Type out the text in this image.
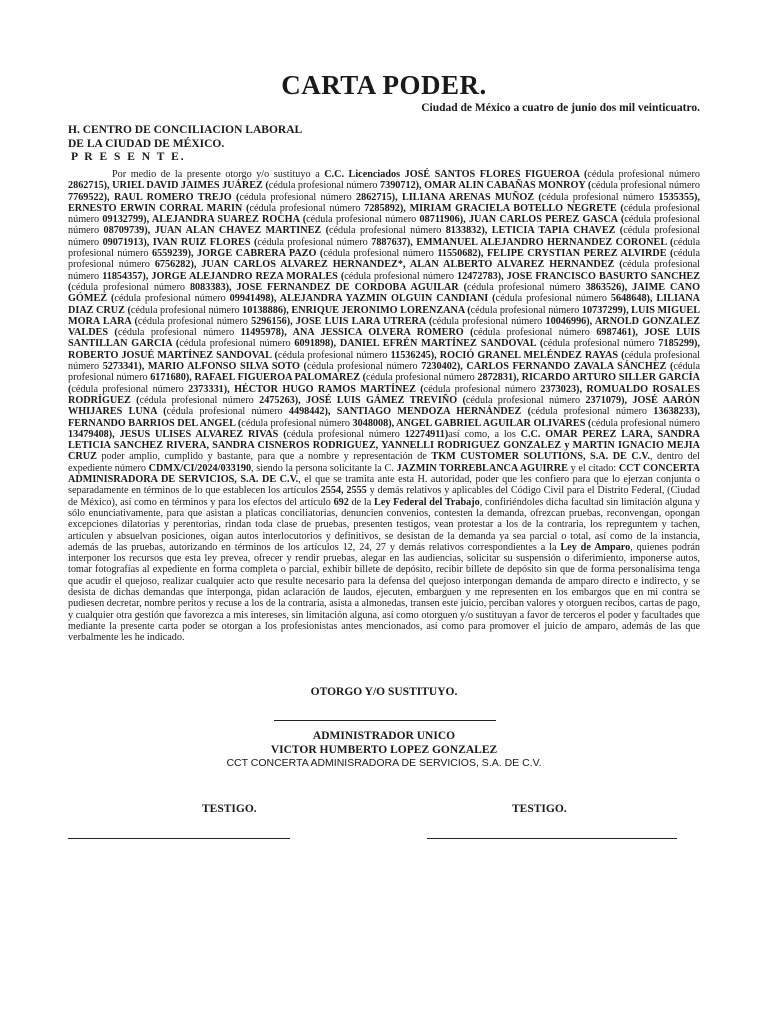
CARTA PODER.
Ciudad de México a cuatro de junio dos mil veinticuatro.
H. CENTRO DE CONCILIACION LABORAL
DE LA CIUDAD DE MÉXICO.
P R E S E N T E.
Por medio de la presente otorgo y/o sustituyo a C.C. Licenciados JOSÉ SANTOS FLORES FIGUEROA (cédula profesional número 2862715), URIEL DAVID JAIMES JUÁREZ (cédula profesional número 7390712), OMAR ALIN CABAÑAS MONROY (cédula profesional número 7769522), RAUL ROMERO TREJO (cédula profesional número 2862715), LILIANA ARENAS MUÑOZ (cédula profesional número 1535355), ERNESTO ERWIN CORRAL MARIN (cédula profesional número 7285892), MIRIAM GRACIELA BOTELLO NEGRETE (cédula profesional número 09132799), ALEJANDRA SUAREZ ROCHA (cédula profesional número 08711906), JUAN CARLOS PEREZ GASCA (cédula profesional número 08709739), JUAN ALAN CHAVEZ MARTINEZ (cédula profesional número 8133832), LETICIA TAPIA CHAVEZ (cédula profesional número 09071913), IVAN RUIZ FLORES (cédula profesional número 7887637), EMMANUEL ALEJANDRO HERNANDEZ CORONEL (cédula profesional número 6559239), JORGE CABRERA PAZO (cédula profesional número 11550682), FELIPE CRYSTIAN PEREZ ALVIRDE (cédula profesional número 6756282), JUAN CARLOS ALVAREZ HERNANDEZ*, ALAN ALBERTO ALVAREZ HERNANDEZ (cédula profesional número 11854357), JORGE ALEJANDRO REZA MORALES (cédula profesional número 12472783), JOSE FRANCISCO BASURTO SANCHEZ (cédula profesional número 8083383), JOSE FERNANDEZ DE CORDOBA AGUILAR (cédula profesional número 3863526), JAIME CANO GÓMEZ (cédula profesional número 09941498), ALEJANDRA YAZMIN OLGUIN CANDIANI (cédula profesional número 5648648), LILIANA DIAZ CRUZ (cédula profesional número 10138886), ENRIQUE JERONIMO LORENZANA (cédula profesional número 10737299), LUIS MIGUEL MORA LARA (cédula profesional número 5296156), JOSE LUIS LARA UTRERA (cédula profesional número 10046996), ARNOLD GONZALEZ VALDES (cédula profesional número 11495978), ANA JESSICA OLVERA ROMERO (cédula profesional número 6987461), JOSE LUIS SANTILLAN GARCIA (cédula profesional número 6091898), DANIEL EFRÉN MARTÍNEZ SANDOVAL (cédula profesional número 7185299), ROBERTO JOSUÉ MARTÍNEZ SANDOVAL (cédula profesional número 11536245), ROCIÓ GRANEL MELÉNDEZ RAYAS (cédula profesional número 5273341), MARIO ALFONSO SILVA SOTO (cédula profesional número 7230402), CARLOS FERNANDO ZAVALA SÁNCHEZ (cédula profesional número 6171680), RAFAEL FIGUEROA PALOMAREZ (cédula profesional número 2872831), RICARDO ARTURO SILLER GARCÍA (cédula profesional número 2373331), HÉCTOR HUGO RAMOS MARTÍNEZ (cédula profesional número 2373023), ROMUALDO ROSALES RODRÍGUEZ (cédula profesional número 2475263), JOSÉ LUIS GÁMEZ TREVIÑO (cédula profesional número 2371079), JOSÉ AARÓN WHIJARES LUNA (cédula profesional número 4498442), SANTIAGO MENDOZA HERNÁNDEZ (cédula profesional número 13638233), FERNANDO BARRIOS DEL ANGEL (cédula profesional número 3048008), ANGEL GABRIEL AGUILAR OLIVARES (cédula profesional número 13479408), JESUS ULISES ALVAREZ RIVAS (cédula profesional número 12274911)así como, a los C.C. OMAR PEREZ LARA, SANDRA LETICIA SANCHEZ RIVERA, SANDRA CISNEROS RODRIGUEZ, YANNELLI RODRIGUEZ GONZALEZ y MARTIN IGNACIO MEJIA CRUZ poder amplio, cumplido y bastante, para que a nombre y representación de TKM CUSTOMER SOLUTIONS, S.A. DE C.V., dentro del expediente número CDMX/CI/2024/033190, siendo la persona solicitante la C. JAZMIN TORREBLANCA AGUIRRE y el citado: CCT CONCERTA ADMINISRADORA DE SERVICIOS, S.A. DE C.V., el que se tramita ante esta H. autoridad, poder que les confiero para que lo ejerzan conjunta o separadamente en términos de lo que establecen los artículos 2554, 2555 y demás relativos y aplicables del Código Civil para el Distrito Federal, (Ciudad de México), así como en términos y para los efectos del artículo 692 de la Ley Federal del Trabajo, confiriéndoles dicha facultad sin limitación alguna y sólo enunciativamente, para que asistan a platicas conciliatorias, denuncien convenios, contesten la demanda, ofrezcan pruebas, reconvengan, opongan excepciones dilatorias y perentorias, rindan toda clase de pruebas, presenten testigos, vean protestar a los de la contraria, los repreguntem y tachen, articulen y absuelvan posiciones, oigan autos interlocutorios y definitivos, se desistan de la demanda ya sea parcial o total, así como de la instancia, además de las pruebas, autorizando en términos de los artículos 12, 24, 27 y demás relativos correspondientes a la Ley de Amparo, quienes podrán interponer los recursos que esta ley prevea, ofrecer y rendir pruebas, alegar en las audiencias, solicitar su suspensión o diferimiento, imponerse autos, tomar fotografías al expediente en forma completa o parcial, exhibir billete de depósito, recibir billete de depósito sin que de forma personalísima tenga que acudir el quejoso, realizar cualquier acto que resulte necesario para la defensa del quejoso interpongan demanda de amparo directo e indirecto, y se desista de dichas demandas que interponga, pidan aclaración de laudos, ejecuten, embarguen y me representen en los embargos que en mi contra se pudiesen decretar, nombre peritos y recuse a los de la contraria, asista a almonedas, transen este juicio, perciban valores y otorguen recibos, cartas de pago, y cualquier otra gestión que favorezca a mis intereses, sin limitación alguna, así como otorguen y/o sustituyan a favor de terceros el poder y facultades que mediante la presente carta poder se otorgan a los profesionistas antes mencionados, así como para promover el juicio de amparo, además de las que verbalmente les he indicado.
OTORGO Y/O SUSTITUYO.
ADMINISTRADOR UNICO
VICTOR HUMBERTO LOPEZ GONZALEZ
CCT CONCERTA ADMINISRADORA DE SERVICIOS, S.A. DE C.V.
TESTIGO.	TESTIGO.
